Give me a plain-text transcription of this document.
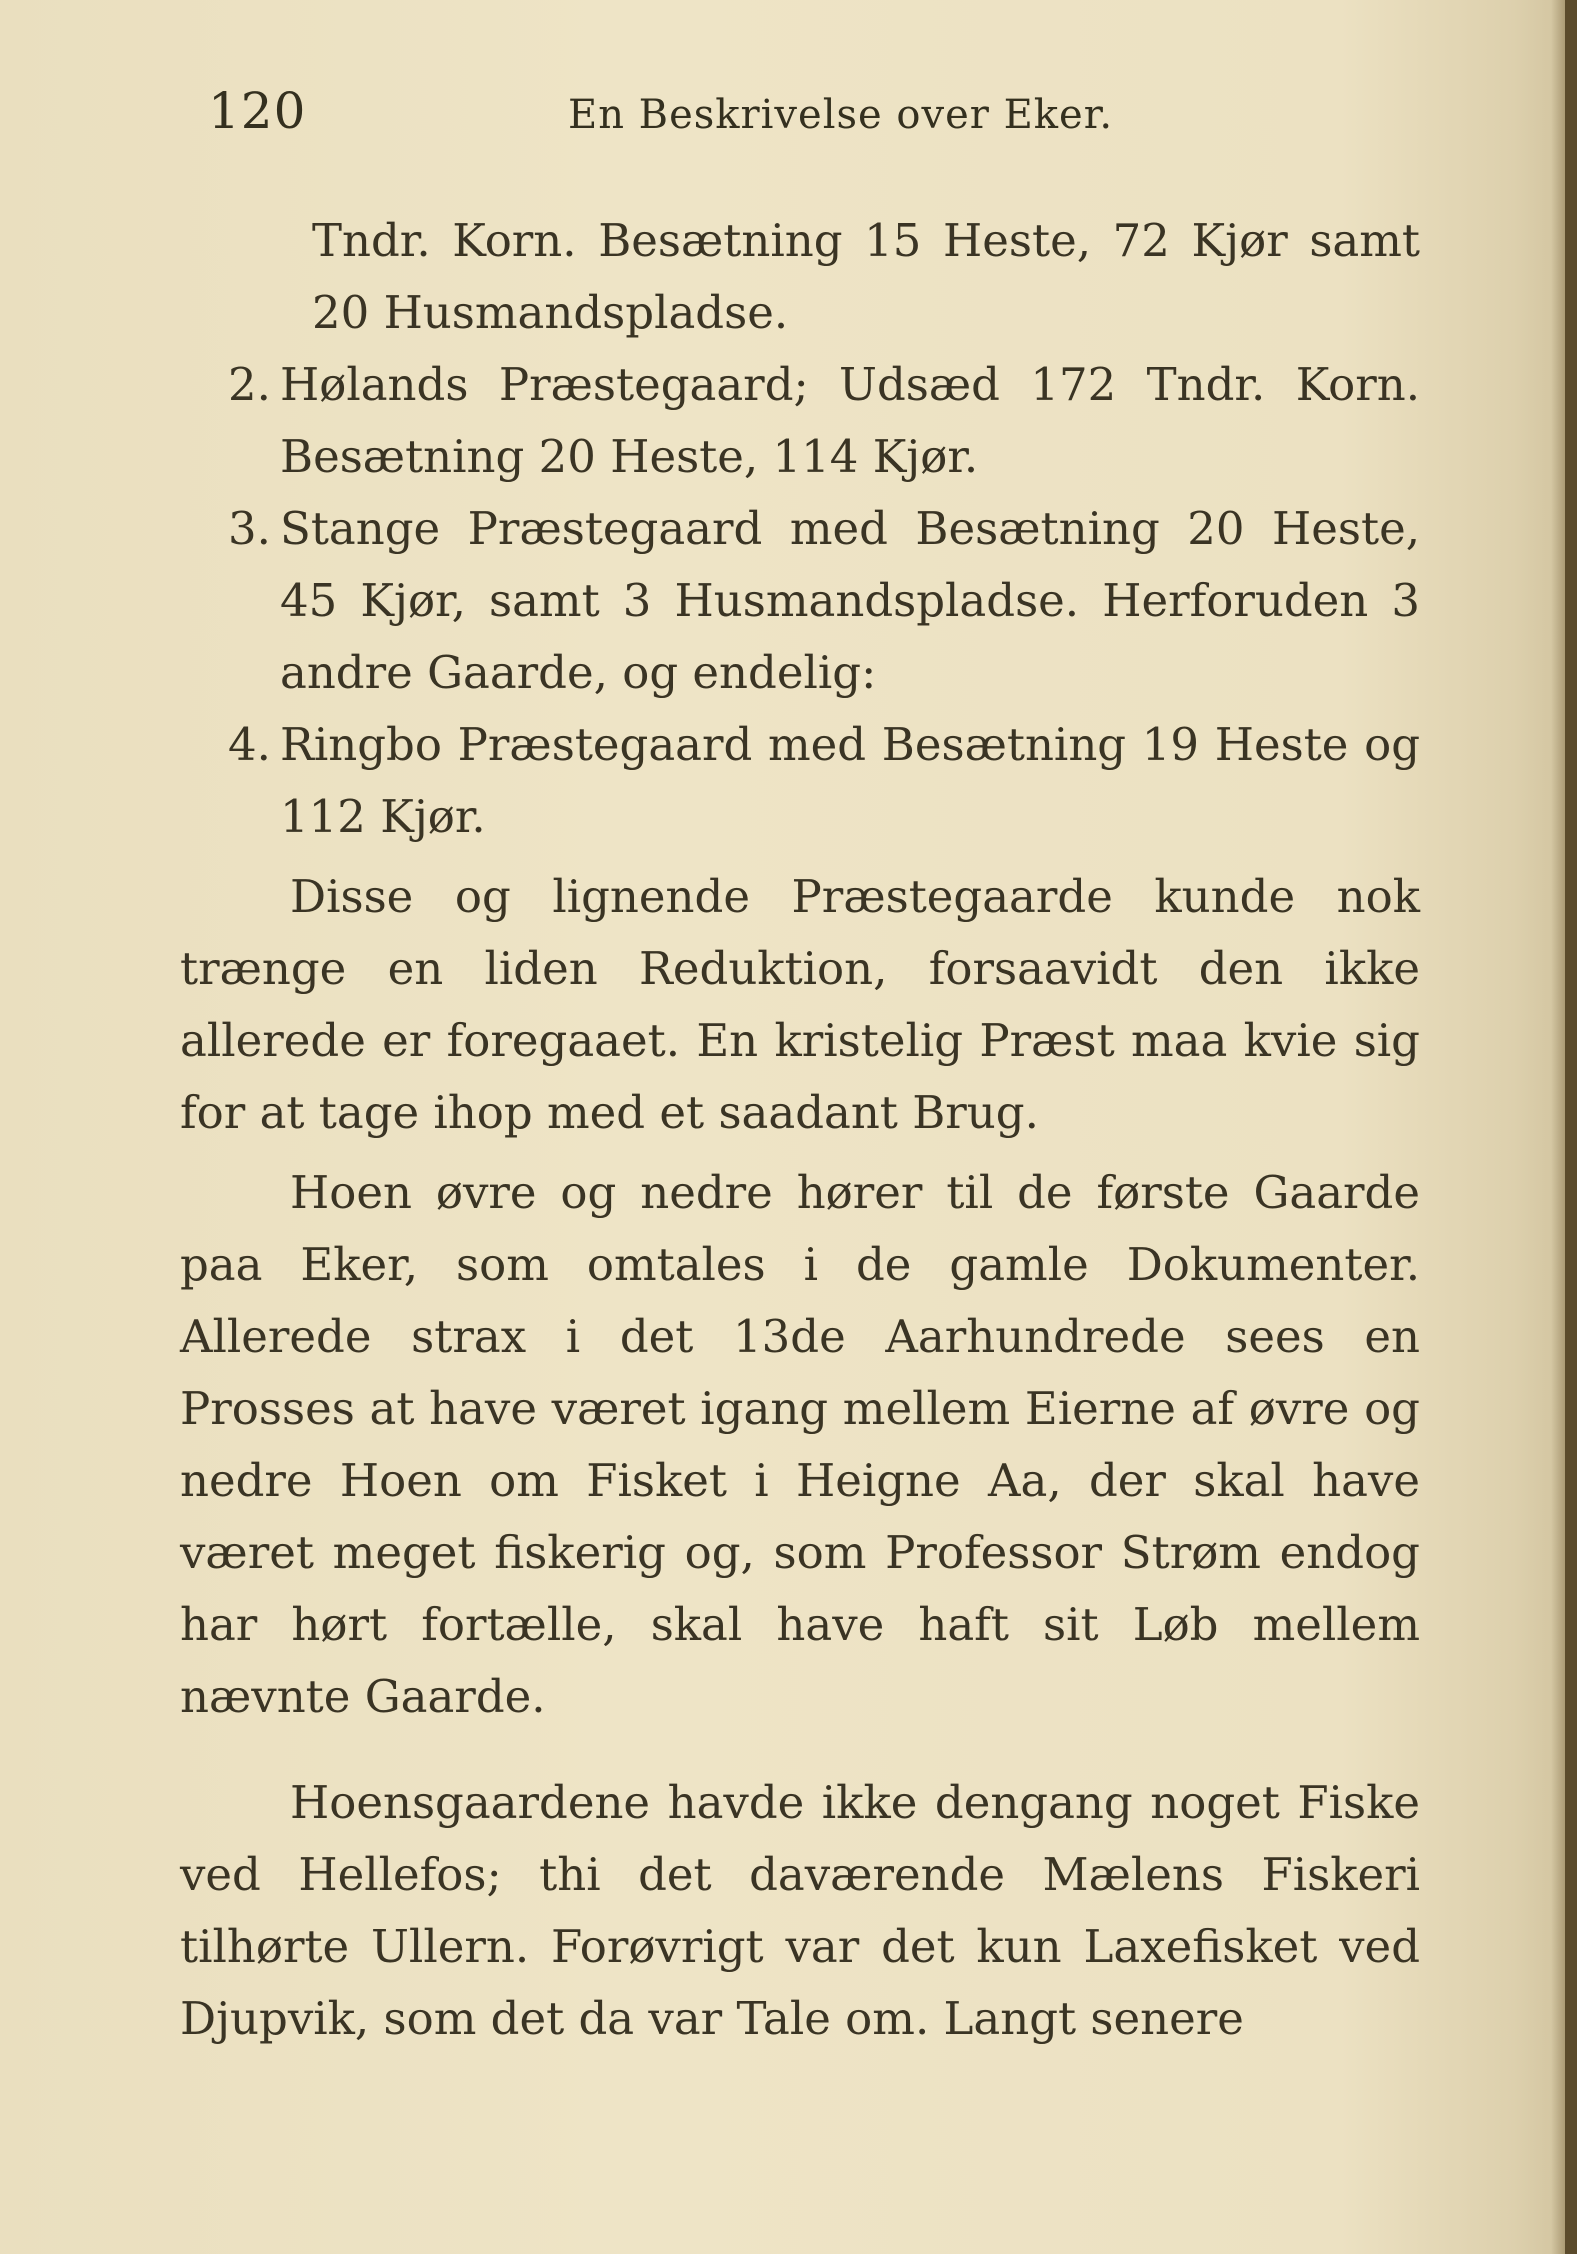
120	En Beskrivelse over Eker.
Tndr. Korn. Besætning 15 Heste, 72 Kjør samt 20 Husmandspladse.
2. Hølands Præstegaard; Udsæd 172 Tndr. Korn. Besætning 20 Heste, 114 Kjør.
3. Stange Præstegaard med Besætning 20 Heste, 45 Kjør, samt 3 Husmandspladse. Herforuden 3 andre Gaarde, og endelig:
4. Ringbo Præstegaard med Besætning 19 Heste og 112 Kjør.

Disse og lignende Præstegaarde kunde nok trænge en liden Reduktion, forsaavidt den ikke allerede er foregaaet. En kristelig Præst maa kvie sig for at tage ihop med et saadant Brug.

Hoen øvre og nedre hører til de første Gaarde paa Eker, som omtales i de gamle Dokumenter. Allerede strax i det 13de Aarhundrede sees en Prosses at have været igang mellem Eierne af øvre og nedre Hoen om Fisket i Heigne Aa, der skal have været meget fiskerig og, som Professor Strøm endog har hørt fortælle, skal have haft sit Løb mellem nævnte Gaarde.

Hoensgaardene havde ikke dengang noget Fiske ved Hellefos; thi det daværende Mælens Fiskeri tilhørte Ullern. Forøvrigt var det kun Laxefisket ved Djupvik, som det da var Tale om. Langt senere
